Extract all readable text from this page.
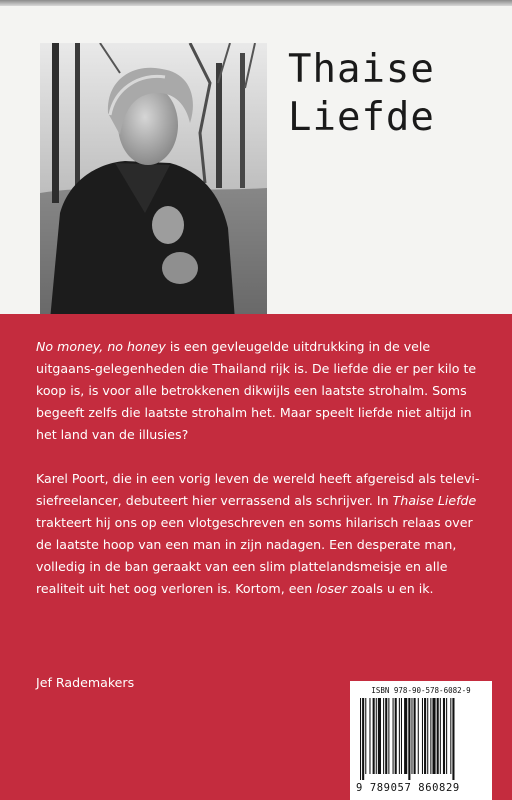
Thaise
Liefde

No money, no honey is een gevleugelde uitdrukking in de vele uitgaans-gelegenheden die Thailand rijk is. De liefde die er per kilo te koop is, is voor alle betrokkenen dikwijls een laatste strohalm. Soms begeeft zelfs die laatste strohalm het. Maar speelt liefde niet altijd in het land van de illusies?

Karel Poort, die in een vorig leven de wereld heeft afgereisd als televi-siefreelancer, debuteert hier verrassend als schrijver. In Thaise Liefde trakteert hij ons op een vlotgeschreven en soms hilarisch relaas over de laatste hoop van een man in zijn nadagen. Een desperate man, volledig in de ban geraakt van een slim plattelandsmeisje en alle realiteit uit het oog verloren is. Kortom, een loser zoals u en ik.

Jef Rademakers
ISBN 978-90-578-6082-9
9 789057 860829
